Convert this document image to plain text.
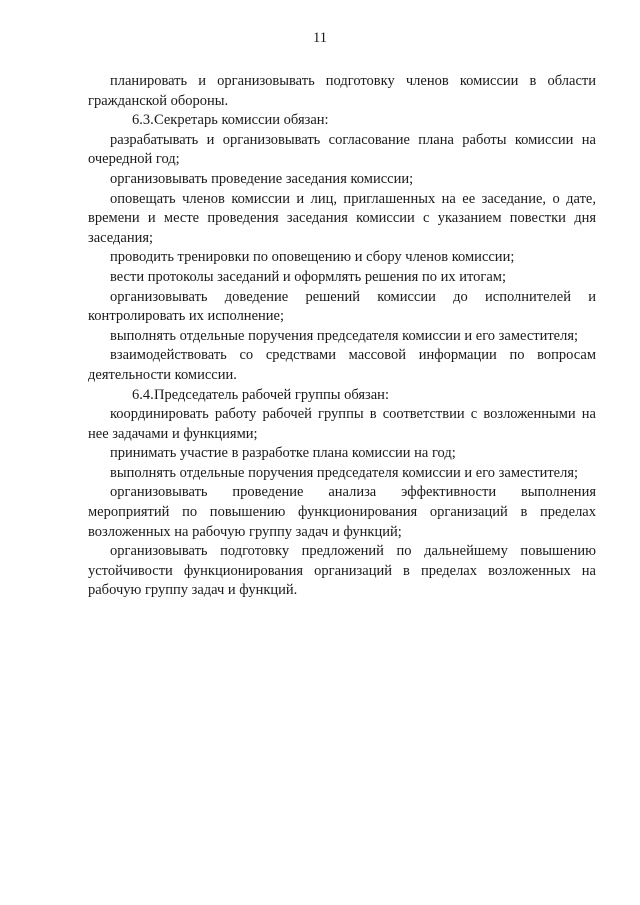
11

планировать и организовывать подготовку членов комиссии в области гражданской обороны.

6.3.Секретарь комиссии обязан:

разрабатывать и организовывать согласование плана работы комиссии на очередной год;

организовывать проведение заседания комиссии;

оповещать членов комиссии и лиц, приглашенных на ее заседание, о дате, времени и месте проведения заседания комиссии с указанием повестки дня заседания;

проводить тренировки по оповещению и сбору членов комиссии;

вести протоколы заседаний и оформлять решения по их итогам;

организовывать доведение решений комиссии до исполнителей и контролировать их исполнение;

выполнять отдельные поручения председателя комиссии и его заместителя;

взаимодействовать со средствами массовой информации по вопросам деятельности комиссии.

6.4.Председатель рабочей группы обязан:

координировать работу рабочей группы в соответствии с возложенными на нее задачами и функциями;

принимать участие в разработке плана комиссии на год;

выполнять отдельные поручения председателя комиссии и его заместителя;

организовывать проведение анализа эффективности выполнения мероприятий по повышению функционирования организаций в пределах возложенных на рабочую группу задач и функций;

организовывать подготовку предложений по дальнейшему повышению устойчивости функционирования организаций в пределах возложенных на рабочую группу задач и функций.
